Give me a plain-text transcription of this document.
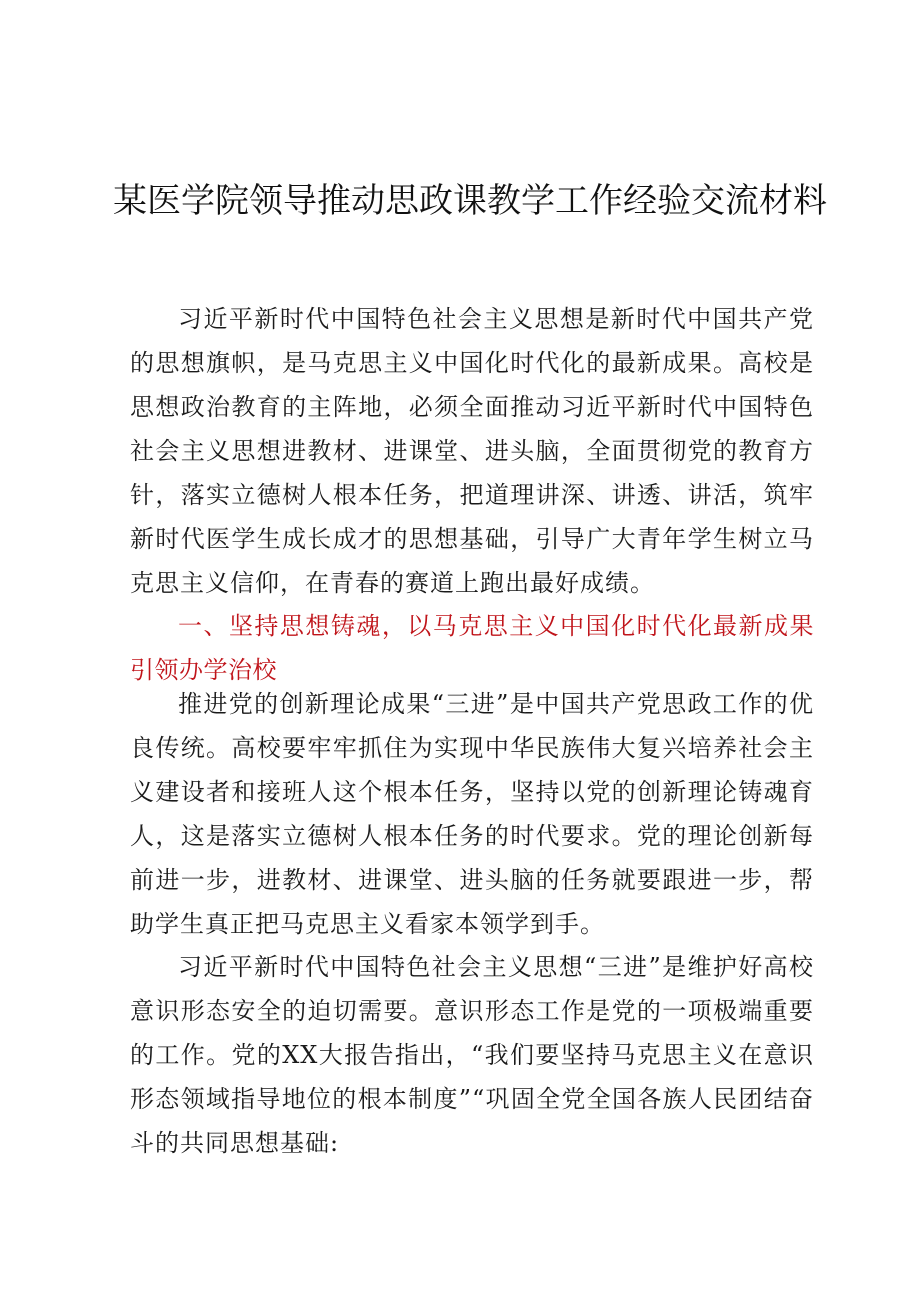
某医学院领导推动思政课教学工作经验交流材料

习近平新时代中国特色社会主义思想是新时代中国共产党的思想旗帜，是马克思主义中国化时代化的最新成果。高校是思想政治教育的主阵地，必须全面推动习近平新时代中国特色社会主义思想进教材、进课堂、进头脑，全面贯彻党的教育方针，落实立德树人根本任务，把道理讲深、讲透、讲活，筑牢新时代医学生成长成才的思想基础，引导广大青年学生树立马克思主义信仰，在青春的赛道上跑出最好成绩。

一、坚持思想铸魂，以马克思主义中国化时代化最新成果引领办学治校

推进党的创新理论成果“三进”是中国共产党思政工作的优良传统。高校要牢牢抓住为实现中华民族伟大复兴培养社会主义建设者和接班人这个根本任务，坚持以党的创新理论铸魂育人，这是落实立德树人根本任务的时代要求。党的理论创新每前进一步，进教材、进课堂、进头脑的任务就要跟进一步，帮助学生真正把马克思主义看家本领学到手。

习近平新时代中国特色社会主义思想“三进”是维护好高校意识形态安全的迫切需要。意识形态工作是党的一项极端重要的工作。党的XX大报告指出，“我们要坚持马克思主义在意识形态领域指导地位的根本制度”“巩固全党全国各族人民团结奋斗的共同思想基础:
